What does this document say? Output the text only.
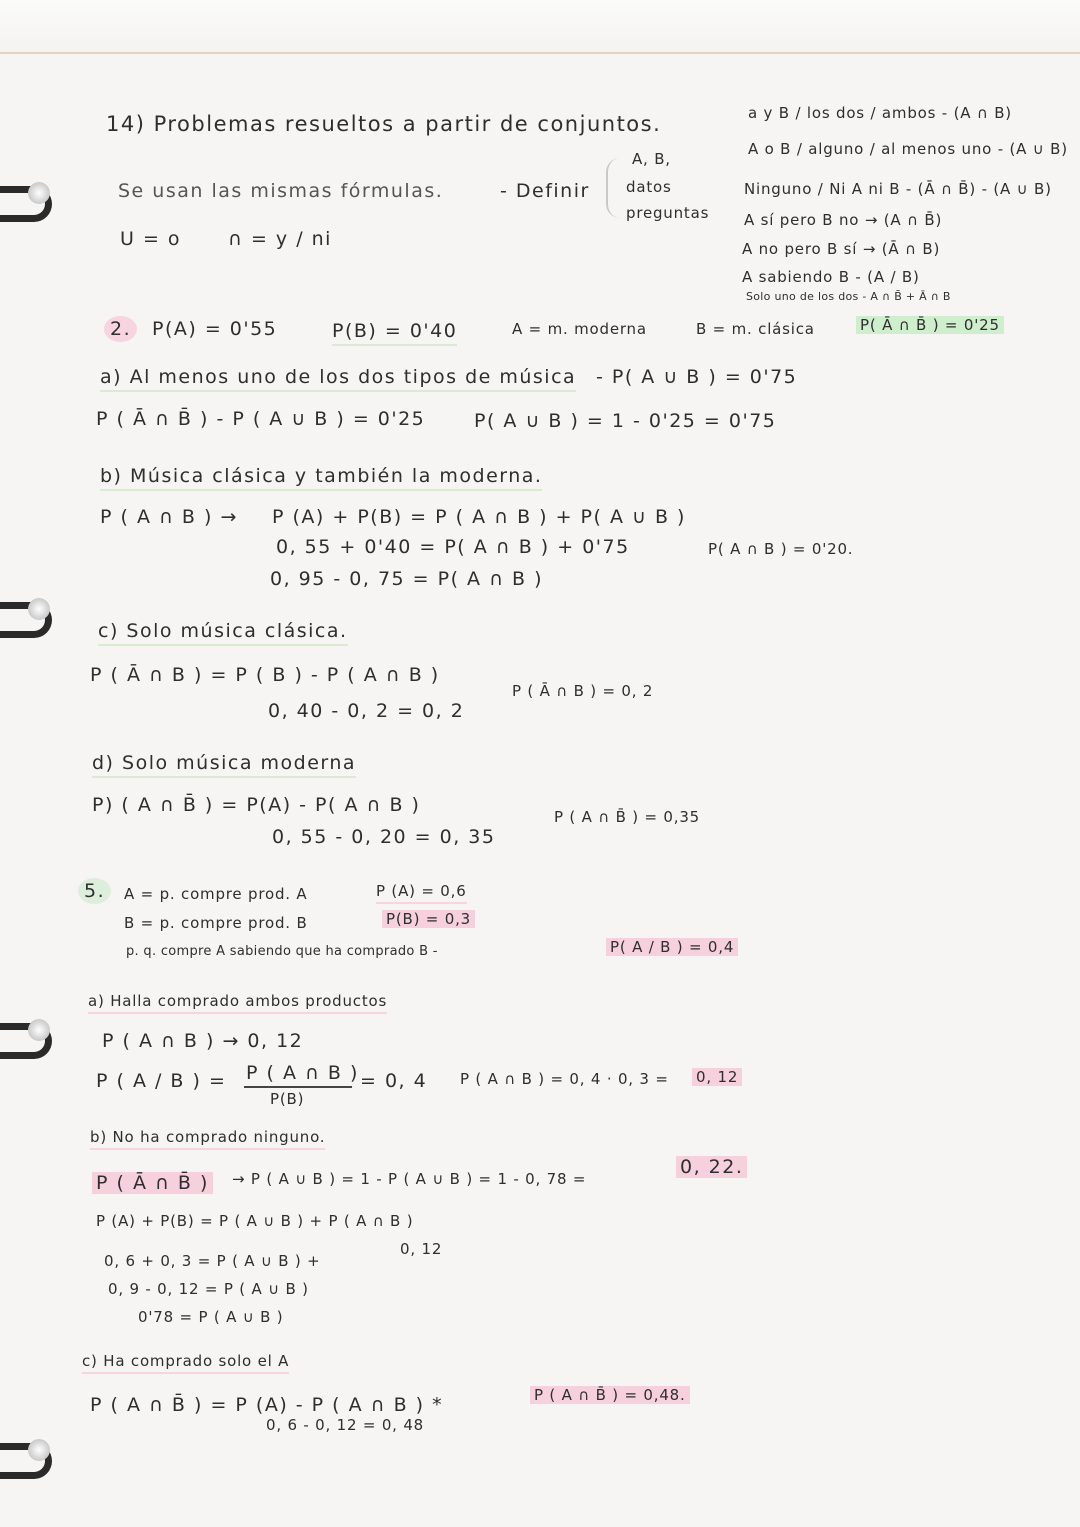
14) Problemas resueltos a partir de conjuntos.
Se usan las mismas fórmulas.	- Definir
A, B,
datos
preguntas
U = o ∩ = y / ni
a y B / los dos / ambos - (A ∩ B)
A o B / alguno / al menos uno - (A ∪ B)
Ninguno / Ni A ni B - (Ā ∩ B̄) - (A ∪ B)
A sí pero B no → (A ∩ B̄)
A no pero B sí → (Ā ∩ B)
A sabiendo B - (A / B)
Solo uno de los dos - A ∩ B̄ + Ā ∩ B
2.	P(A) = 0'55	P(B) = 0'40	A = m. moderna	B = m. clásica	P( Ā ∩ B̄ ) = 0'25
a) Al menos uno de los dos tipos de música - P( A ∪ B ) = 0'75
P ( Ā ∩ B̄ ) - P ( A ∪ B ) = 0'25	P( A ∪ B ) = 1 - 0'25 = 0'75
b) Música clásica y también la moderna.
P ( A ∩ B ) → P (A) + P(B) = P ( A ∩ B ) + P( A ∪ B )
0, 55 + 0'40 = P( A ∩ B ) + 0'75
0, 95 - 0, 75 = P( A ∩ B )
P( A ∩ B ) = 0'20.
c) Solo música clásica.
P ( Ā ∩ B ) = P ( B ) - P ( A ∩ B )
0, 40 - 0, 2 = 0, 2
P ( Ā ∩ B ) = 0, 2
d) Solo música moderna
P) ( A ∩ B̄ ) = P(A) - P( A ∩ B )
0, 55 - 0, 20 = 0, 35
P ( A ∩ B̄ ) = 0,35
5.	A = p. compre prod. A	P (A) = 0,6
B = p. compre prod. B	P(B) = 0,3
p. q. compre A sabiendo que ha comprado B -	P( A / B ) = 0,4
a) Halla comprado ambos productos
P ( A ∩ B ) → 0, 12
P ( A / B ) = P ( A ∩ B )
P(B)
= 0, 4 P ( A ∩ B ) = 0, 4 · 0, 3 = 0, 12
b) No ha comprado ninguno.
P ( Ā ∩ B̄ ) → P ( A ∪ B ) = 1 - P ( A ∪ B ) = 1 - 0, 78 =
0, 22.
P (A) + P(B) = P ( A ∪ B ) + P ( A ∩ B )
0, 6 + 0, 3 = P ( A ∪ B ) +
0, 12
0, 9 - 0, 12 = P ( A ∪ B )
0'78 = P ( A ∪ B )
c) Ha comprado solo el A
P ( A ∩ B̄ ) = P (A) - P ( A ∩ B ) *
0, 6 - 0, 12 = 0, 48
P ( A ∩ B̄ ) = 0,48.
